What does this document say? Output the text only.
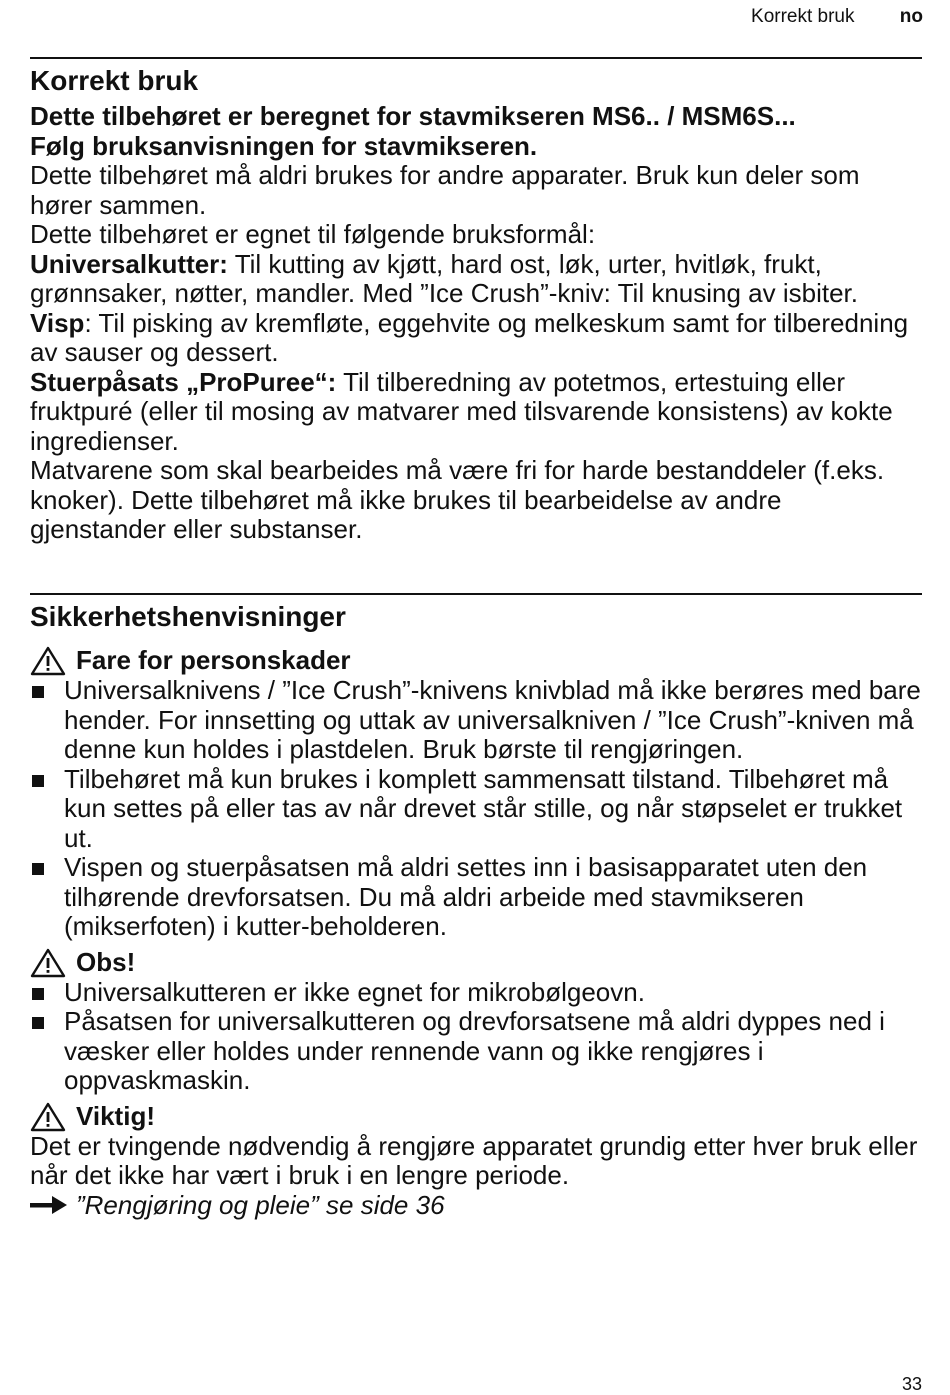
Korrekt bruk no
Korrekt bruk

Dette tilbehøret er beregnet for stavmikseren MS6.. / MSM6S...

Følg bruksanvisningen for stavmikseren.

Dette tilbehøret må aldri brukes for andre apparater. Bruk kun deler som hører sammen.

Dette tilbehøret er egnet til følgende bruksformål:

Universalkutter: Til kutting av kjøtt, hard ost, løk, urter, hvitløk, frukt, grønnsaker, nøtter, mandler. Med ”Ice Crush”-kniv: Til knusing av isbiter.

Visp: Til pisking av kremfløte, eggehvite og melkeskum samt for tilberedning av sauser og dessert.

Stuerpåsats „ProPuree“: Til tilberedning av potetmos, ertestuing eller fruktpuré (eller til mosing av matvarer med tilsvarende konsistens) av kokte ingredienser.

Matvarene som skal bearbeides må være fri for harde bestanddeler (f.eks. knoker). Dette tilbehøret må ikke brukes til bearbeidelse av andre gjenstander eller substanser.

Sikkerhetshenvisninger

Fare for personskader

Universalknivens / ”Ice Crush”-knivens knivblad må ikke berøres med bare hender. For innsetting og uttak av universalkniven / ”Ice Crush”-kniven må denne kun holdes i plastdelen. Bruk børste til rengjøringen.
Tilbehøret må kun brukes i komplett sammensatt tilstand. Tilbehøret må kun settes på eller tas av når drevet står stille, og når støpselet er trukket ut.
Vispen og stuerpåsatsen må aldri settes inn i basisapparatet uten den tilhørende drevforsatsen. Du må aldri arbeide med stavmikseren (mikserfoten) i kutter-beholderen.

Obs!

Universalkutteren er ikke egnet for mikrobølgeovn.
Påsatsen for universalkutteren og drevforsatsene må aldri dyppes ned i væsker eller holdes under rennende vann og ikke rengjøres i oppvaskmaskin.

Viktig!

Det er tvingende nødvendig å rengjøre apparatet grundig etter hver bruk eller når det ikke har vært i bruk i en lengre periode.

”Rengjøring og pleie” se side 36

33
